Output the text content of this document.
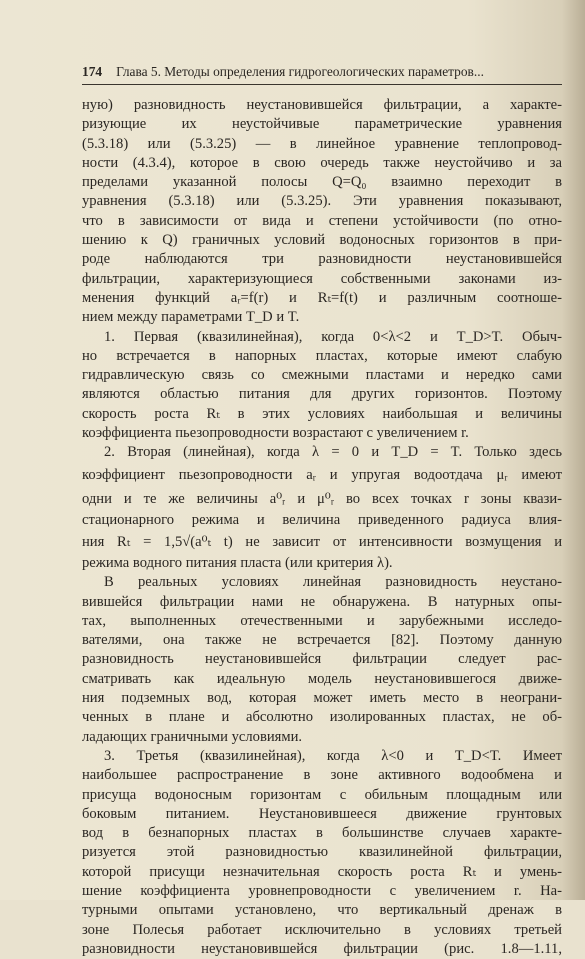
174 Глава 5. Методы определения гидрогеологических параметров...

ную) разновидность неустановившейся фильтрации, а характе-

ризующие их неустойчивые параметрические уравнения

(5.3.18) или (5.3.25) — в линейное уравнение теплопровод-

ности (4.3.4), которое в свою очередь также неустойчиво и за

пределами указанной полосы Q=Q₀ взаимно переходит в

уравнения (5.3.18) или (5.3.25). Эти уравнения показывают,

что в зависимости от вида и степени устойчивости (по отно-

шению к Q) граничных условий водоносных горизонтов в при-

роде наблюдаются три разновидности неустановившейся

фильтрации, характеризующиеся собственными законами из-

менения функций aᵣ=f(r) и Rₜ=f(t) и различным соотноше-

нием между параметрами T_D и T.

1. Первая (квазилинейная), когда 0<λ<2 и T_D>T. Обыч-

но встречается в напорных пластах, которые имеют слабую

гидравлическую связь со смежными пластами и нередко сами

являются областью питания для других горизонтов. Поэтому

скорость роста Rₜ в этих условиях наибольшая и величины

коэффициента пьезопроводности возрастают с увеличением r.

2. Вторая (линейная), когда λ = 0 и T_D = T. Только здесь

коэффициент пьезопроводности aᵣ и упругая водоотдача μᵣ имеют

одни и те же величины a⁰ᵣ и μ⁰ᵣ во всех точках r зоны квази-

стационарного режима и величина приведенного радиуса влия-

ния Rₜ = 1,5√(a⁰ₜ t) не зависит от интенсивности возмущения и

режима водного питания пласта (или критерия λ).

В реальных условиях линейная разновидность неустано-

вившейся фильтрации нами не обнаружена. В натурных опы-

тах, выполненных отечественными и зарубежными исследо-

вателями, она также не встречается [82]. Поэтому данную

разновидность неустановившейся фильтрации следует рас-

сматривать как идеальную модель неустановившегося движе-

ния подземных вод, которая может иметь место в неограни-

ченных в плане и абсолютно изолированных пластах, не об-

ладающих граничными условиями.

3. Третья (квазилинейная), когда λ<0 и T_D<T. Имеет

наибольшее распространение в зоне активного водообмена и

присуща водоносным горизонтам с обильным площадным или

боковым питанием. Неустановившееся движение грунтовых

вод в безнапорных пластах в большинстве случаев характе-

ризуется этой разновидностью квазилинейной фильтрации,

которой присущи незначительная скорость роста Rₜ и умень-

шение коэффициента уровнепроводности с увеличением r. На-

турными опытами установлено, что вертикальный дренаж в

зоне Полесья работает исключительно в условиях третьей

разновидности неустановившейся фильтрации (рис. 1.8—1.11,
